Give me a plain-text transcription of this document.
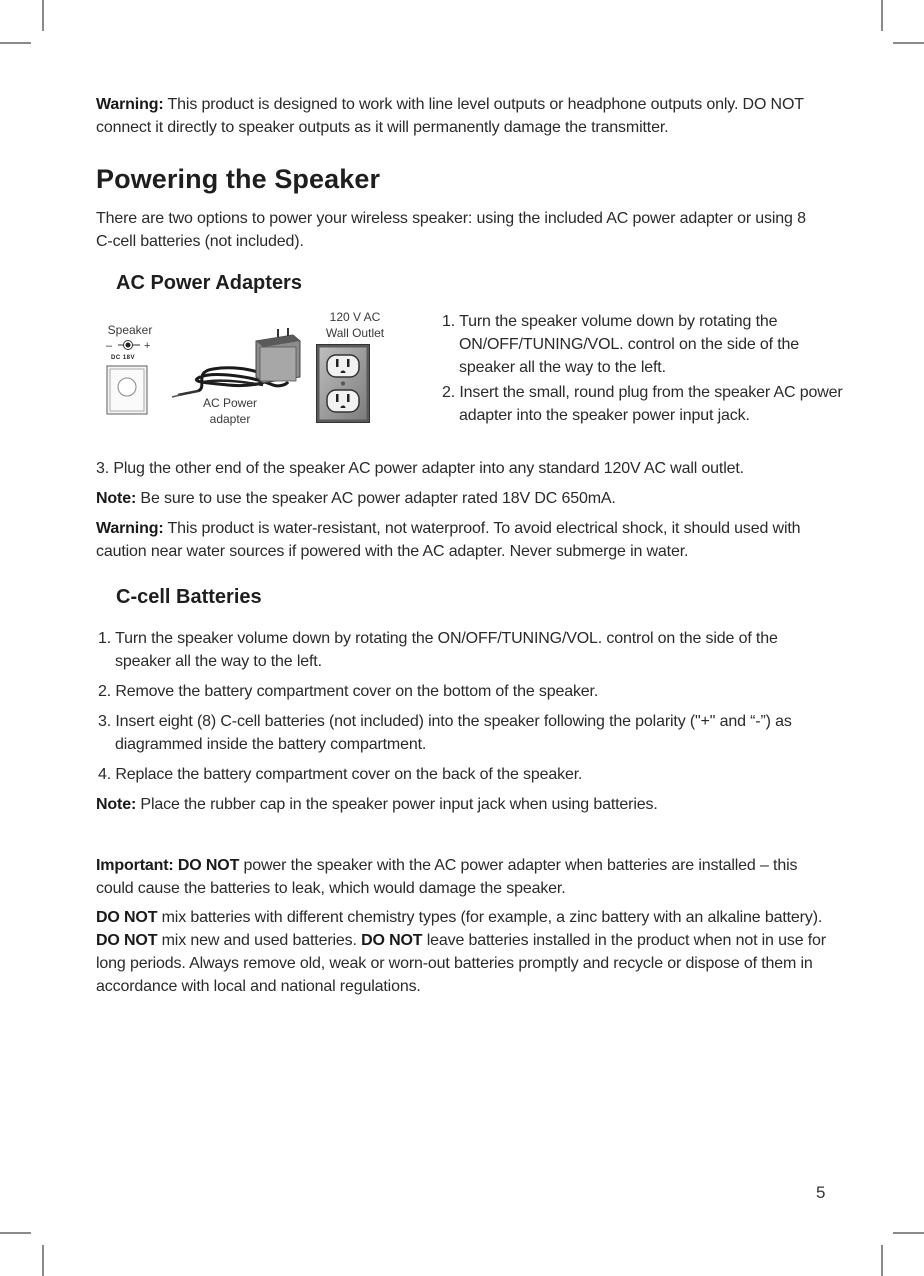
Warning: This product is designed to work with line level outputs or headphone outputs only. DO NOT connect it directly to speaker outputs as it will permanently damage the transmitter.

Powering the Speaker

There are two options to power your wireless speaker: using the included AC power adapter or using 8 C-cell batteries (not included).

AC Power Adapters
Speaker
–	+
DC 18V
AC Power
adapter
120 V AC
Wall Outlet

1. Turn the speaker volume down by rotating the ON/OFF/TUNING/VOL. control on the side of the speaker all the way to the left.

2. Insert the small, round plug from the speaker AC power adapter into the speaker power input jack.

3. Plug the other end of the speaker AC power adapter into any standard 120V AC wall outlet.

Note: Be sure to use the speaker AC power adapter rated 18V DC 650mA.

Warning: This product is water-resistant, not waterproof. To avoid electrical shock, it should used with caution near water sources if powered with the AC adapter. Never submerge in water.

C-cell Batteries

1. Turn the speaker volume down by rotating the ON/OFF/TUNING/VOL. control on the side of the speaker all the way to the left.

2. Remove the battery compartment cover on the bottom of the speaker.

3. Insert eight (8) C-cell batteries (not included) into the speaker following the polarity ("+" and “-”) as diagrammed inside the battery compartment.

4. Replace the battery compartment cover on the back of the speaker.

Note: Place the rubber cap in the speaker power input jack when using batteries.

Important: DO NOT power the speaker with the AC power adapter when batteries are installed – this could cause the batteries to leak, which would damage the speaker.

DO NOT mix batteries with different chemistry types (for example, a zinc battery with an alkaline battery). DO NOT mix new and used batteries. DO NOT leave batteries installed in the product when not in use for long periods. Always remove old, weak or worn-out batteries promptly and recycle or dispose of them in accordance with local and national regulations.

5
